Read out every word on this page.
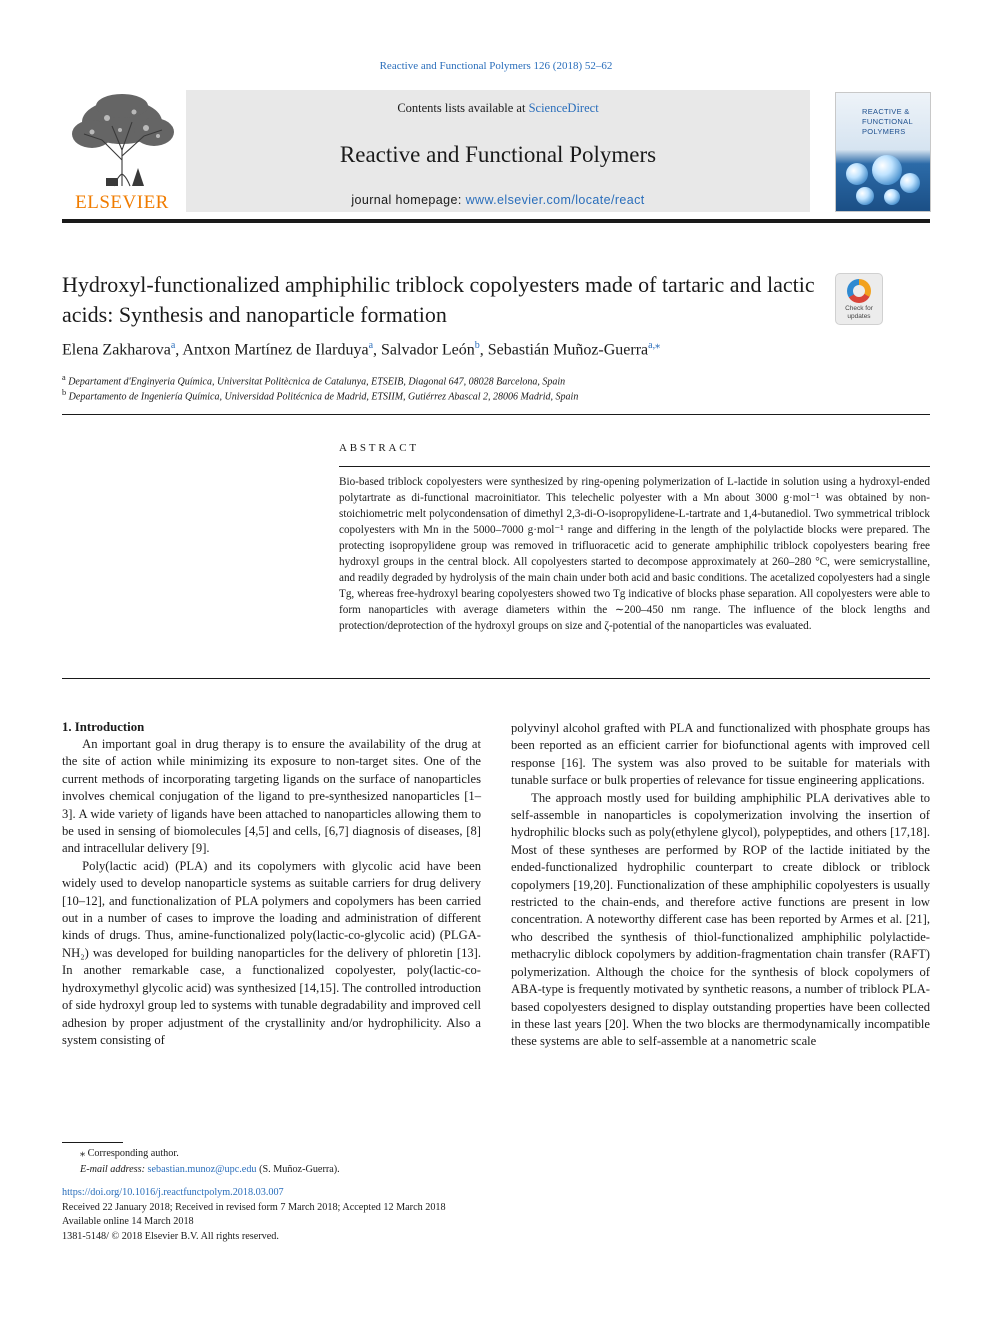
Reactive and Functional Polymers 126 (2018) 52–62
ELSEVIER
Contents lists available at ScienceDirect
Reactive and Functional Polymers
journal homepage: www.elsevier.com/locate/react
REACTIVE &
FUNCTIONAL
POLYMERS
Hydroxyl-functionalized amphiphilic triblock copolyesters made of tartaric and lactic acids: Synthesis and nanoparticle formation	Check for
updates
Elena Zakharova$^a$, Antxon Martínez de Ilarduya$^a$, Salvador León$^b$, Sebastián Muñoz-Guerra$^{a,⁎}$
$^a$ Departament d'Enginyeria Química, Universitat Politècnica de Catalunya, ETSEIB, Diagonal 647, 08028 Barcelona, Spain
$^b$ Departamento de Ingeniería Química, Universidad Politécnica de Madrid, ETSIIM, Gutiérrez Abascal 2, 28006 Madrid, Spain
ABSTRACT
Bio-based triblock copolyesters were synthesized by ring-opening polymerization of L-lactide in solution using a hydroxyl-ended polytartrate as di-functional macroinitiator. This telechelic polyester with a Mn about 3000 g·mol⁻¹ was obtained by non-stoichiometric melt polycondensation of dimethyl 2,3-di-O-isopropylidene-L-tartrate and 1,4-butanediol. Two symmetrical triblock copolyesters with Mn in the 5000–7000 g·mol⁻¹ range and differing in the length of the polylactide blocks were prepared. The protecting isopropylidene group was removed in trifluoracetic acid to generate amphiphilic triblock copolyesters bearing free hydroxyl groups in the central block. All copolyesters started to decompose approximately at 260–280 °C, were semicrystalline, and readily degraded by hydrolysis of the main chain under both acid and basic conditions. The acetalized copolyesters had a single Tg, whereas free-hydroxyl bearing copolyesters showed two Tg indicative of blocks phase separation. All copolyesters were able to form nanoparticles with average diameters within the ∼200–450 nm range. The influence of the block lengths and protection/deprotection of the hydroxyl groups on size and ζ-potential of the nanoparticles was evaluated.
1. Introduction

An important goal in drug therapy is to ensure the availability of the drug at the site of action while minimizing its exposure to non-target sites. One of the current methods of incorporating targeting ligands on the surface of nanoparticles involves chemical conjugation of the ligand to pre-synthesized nanoparticles [1–3]. A wide variety of ligands have been attached to nanoparticles allowing them to be used in sensing of biomolecules [4,5] and cells, [6,7] diagnosis of diseases, [8] and intracellular delivery [9].

Poly(lactic acid) (PLA) and its copolymers with glycolic acid have been widely used to develop nanoparticle systems as suitable carriers for drug delivery [10–12], and functionalization of PLA polymers and copolymers has been carried out in a number of cases to improve the loading and administration of different kinds of drugs. Thus, amine-functionalized poly(lactic-co-glycolic acid) (PLGA-NH₂) was developed for building nanoparticles for the delivery of phloretin [13]. In another remarkable case, a functionalized copolyester, poly(lactic-co-hydroxymethyl glycolic acid) was synthesized [14,15]. The controlled introduction of side hydroxyl group led to systems with tunable degradability and improved cell adhesion by proper adjustment of the crystallinity and/or hydrophilicity. Also a system consisting of

polyvinyl alcohol grafted with PLA and functionalized with phosphate groups has been reported as an efficient carrier for biofunctional agents with improved cell response [16]. The system was also proved to be suitable for materials with tunable surface or bulk properties of relevance for tissue engineering applications.

The approach mostly used for building amphiphilic PLA derivatives able to self-assemble in nanoparticles is copolymerization involving the insertion of hydrophilic blocks such as poly(ethylene glycol), polypeptides, and others [17,18]. Most of these syntheses are performed by ROP of the lactide initiated by the ended-functionalized hydrophilic counterpart to create diblock or triblock copolymers [19,20]. Functionalization of these amphiphilic copolyesters is usually restricted to the chain-ends, and therefore active functions are present in low concentration. A noteworthy different case has been reported by Armes et al. [21], who described the synthesis of thiol-functionalized amphiphilic polylactide-methacrylic diblock copolymers by addition-fragmentation chain transfer (RAFT) polymerization. Although the choice for the synthesis of block copolymers of ABA-type is frequently motivated by synthetic reasons, a number of triblock PLA-based copolyesters designed to display outstanding properties have been collected in these last years [20]. When the two blocks are thermodynamically incompatible these systems are able to self-assemble at a nanometric scale

⁎ Corresponding author.
E-mail address: sebastian.munoz@upc.edu (S. Muñoz-Guerra).
https://doi.org/10.1016/j.reactfunctpolym.2018.03.007
Received 22 January 2018; Received in revised form 7 March 2018; Accepted 12 March 2018
Available online 14 March 2018
1381-5148/ © 2018 Elsevier B.V. All rights reserved.
